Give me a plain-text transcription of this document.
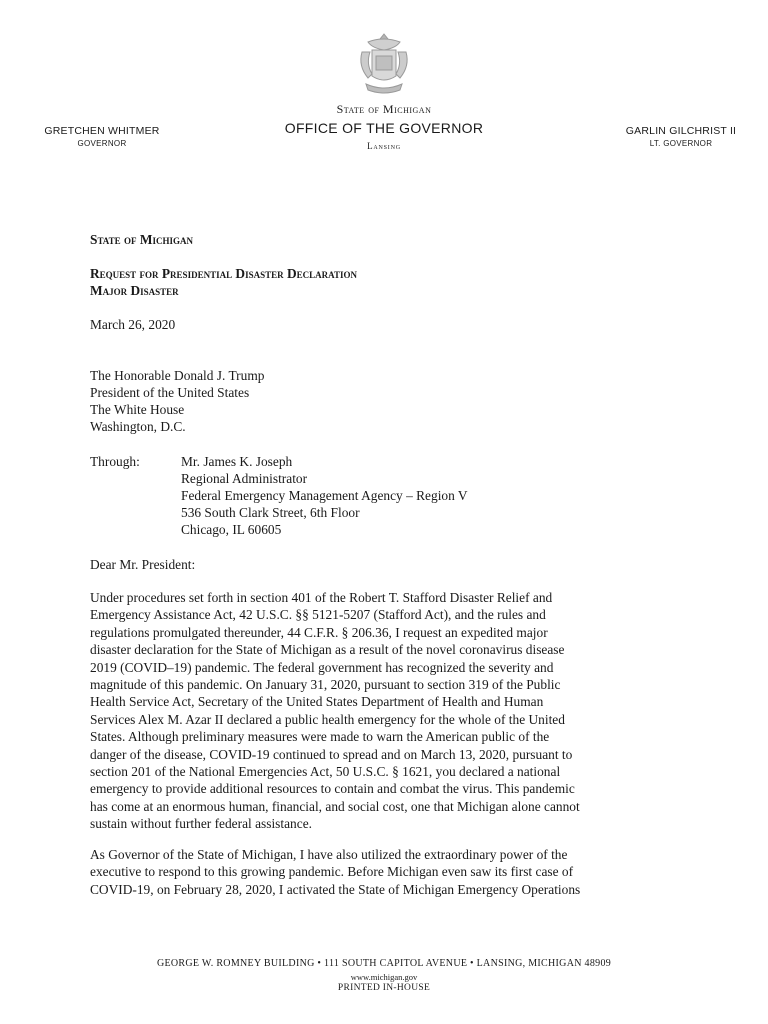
State of Michigan
OFFICE OF THE GOVERNOR
Lansing
GRETCHEN WHITMER
GOVERNOR
GARLIN GILCHRIST II
LT. GOVERNOR
State of Michigan
Request for Presidential Disaster Declaration
Major Disaster
March 26, 2020
The Honorable Donald J. Trump
President of the United States
The White House
Washington, D.C.
Through:	Mr. James K. Joseph
Regional Administrator
Federal Emergency Management Agency – Region V
536 South Clark Street, 6th Floor
Chicago, IL 60605
Dear Mr. President:
Under procedures set forth in section 401 of the Robert T. Stafford Disaster Relief and
Emergency Assistance Act, 42 U.S.C. §§ 5121-5207 (Stafford Act), and the rules and
regulations promulgated thereunder, 44 C.F.R. § 206.36, I request an expedited major
disaster declaration for the State of Michigan as a result of the novel coronavirus disease
2019 (COVID–19) pandemic. The federal government has recognized the severity and
magnitude of this pandemic. On January 31, 2020, pursuant to section 319 of the Public
Health Service Act, Secretary of the United States Department of Health and Human
Services Alex M. Azar II declared a public health emergency for the whole of the United
States. Although preliminary measures were made to warn the American public of the
danger of the disease, COVID-19 continued to spread and on March 13, 2020, pursuant to
section 201 of the National Emergencies Act, 50 U.S.C. § 1621, you declared a national
emergency to provide additional resources to contain and combat the virus. This pandemic
has come at an enormous human, financial, and social cost, one that Michigan alone cannot
sustain without further federal assistance.
As Governor of the State of Michigan, I have also utilized the extraordinary power of the
executive to respond to this growing pandemic. Before Michigan even saw its first case of
COVID-19, on February 28, 2020, I activated the State of Michigan Emergency Operations
GEORGE W. ROMNEY BUILDING • 111 SOUTH CAPITOL AVENUE • LANSING, MICHIGAN 48909
www.michigan.gov
PRINTED IN-HOUSE
